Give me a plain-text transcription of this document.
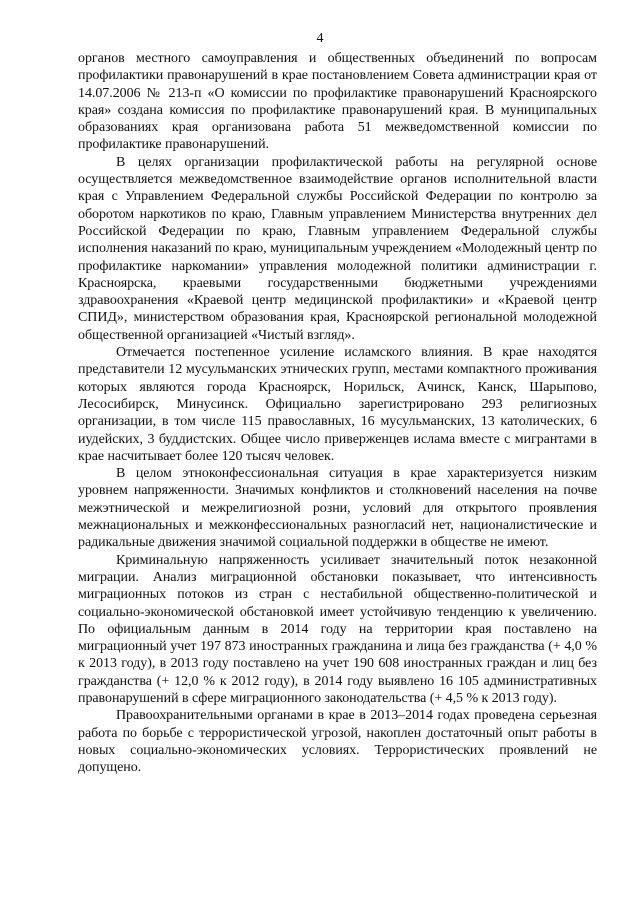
4

органов местного самоуправления и общественных объединений по вопросам профилактики правонарушений в крае постановлением Совета администрации края от 14.07.2006 № 213-п «О комиссии по профилактике правонарушений Красноярского края» создана комиссия по профилактике правонарушений края. В муниципальных образованиях края организована работа 51 межведомственной комиссии по профилактике правонарушений.

В целях организации профилактической работы на регулярной основе осуществляется межведомственное взаимодействие органов исполнительной власти края с Управлением Федеральной службы Российской Федерации по контролю за оборотом наркотиков по краю, Главным управлением Министерства внутренних дел Российской Федерации по краю, Главным управлением Федеральной службы исполнения наказаний по краю, муниципальным учреждением «Молодежный центр по профилактике наркомании» управления молодежной политики администрации г. Красноярска, краевыми государственными бюджетными учреждениями здравоохранения «Краевой центр медицинской профилактики» и «Краевой центр СПИД», министерством образования края, Красноярской региональной молодежной общественной организацией «Чистый взгляд».

Отмечается постепенное усиление исламского влияния. В крае находятся представители 12 мусульманских этнических групп, местами компактного проживания которых являются города Красноярск, Норильск, Ачинск, Канск, Шарыпово, Лесосибирск, Минусинск. Официально зарегистрировано 293 религиозных организации, в том числе 115 православных, 16 мусульманских, 13 католических, 6 иудейских, 3 буддистских. Общее число приверженцев ислама вместе с мигрантами в крае насчитывает более 120 тысяч человек.

В целом этноконфессиональная ситуация в крае характеризуется низким уровнем напряженности. Значимых конфликтов и столкновений населения на почве межэтнической и межрелигиозной розни, условий для открытого проявления межнациональных и межконфессиональных разногласий нет, националистические и радикальные движения значимой социальной поддержки в обществе не имеют.

Криминальную напряженность усиливает значительный поток незаконной миграции. Анализ миграционной обстановки показывает, что интенсивность миграционных потоков из стран с нестабильной общественно-политической и социально-экономической обстановкой имеет устойчивую тенденцию к увеличению. По официальным данным в 2014 году на территории края поставлено на миграционный учет 197 873 иностранных гражданина и лица без гражданства (+ 4,0 % к 2013 году), в 2013 году поставлено на учет 190 608 иностранных граждан и лиц без гражданства (+ 12,0 % к 2012 году), в 2014 году выявлено 16 105 административных правонарушений в сфере миграционного законодательства (+ 4,5 % к 2013 году).

Правоохранительными органами в крае в 2013–2014 годах проведена серьезная работа по борьбе с террористической угрозой, накоплен достаточный опыт работы в новых социально-экономических условиях. Террористических проявлений не допущено.
